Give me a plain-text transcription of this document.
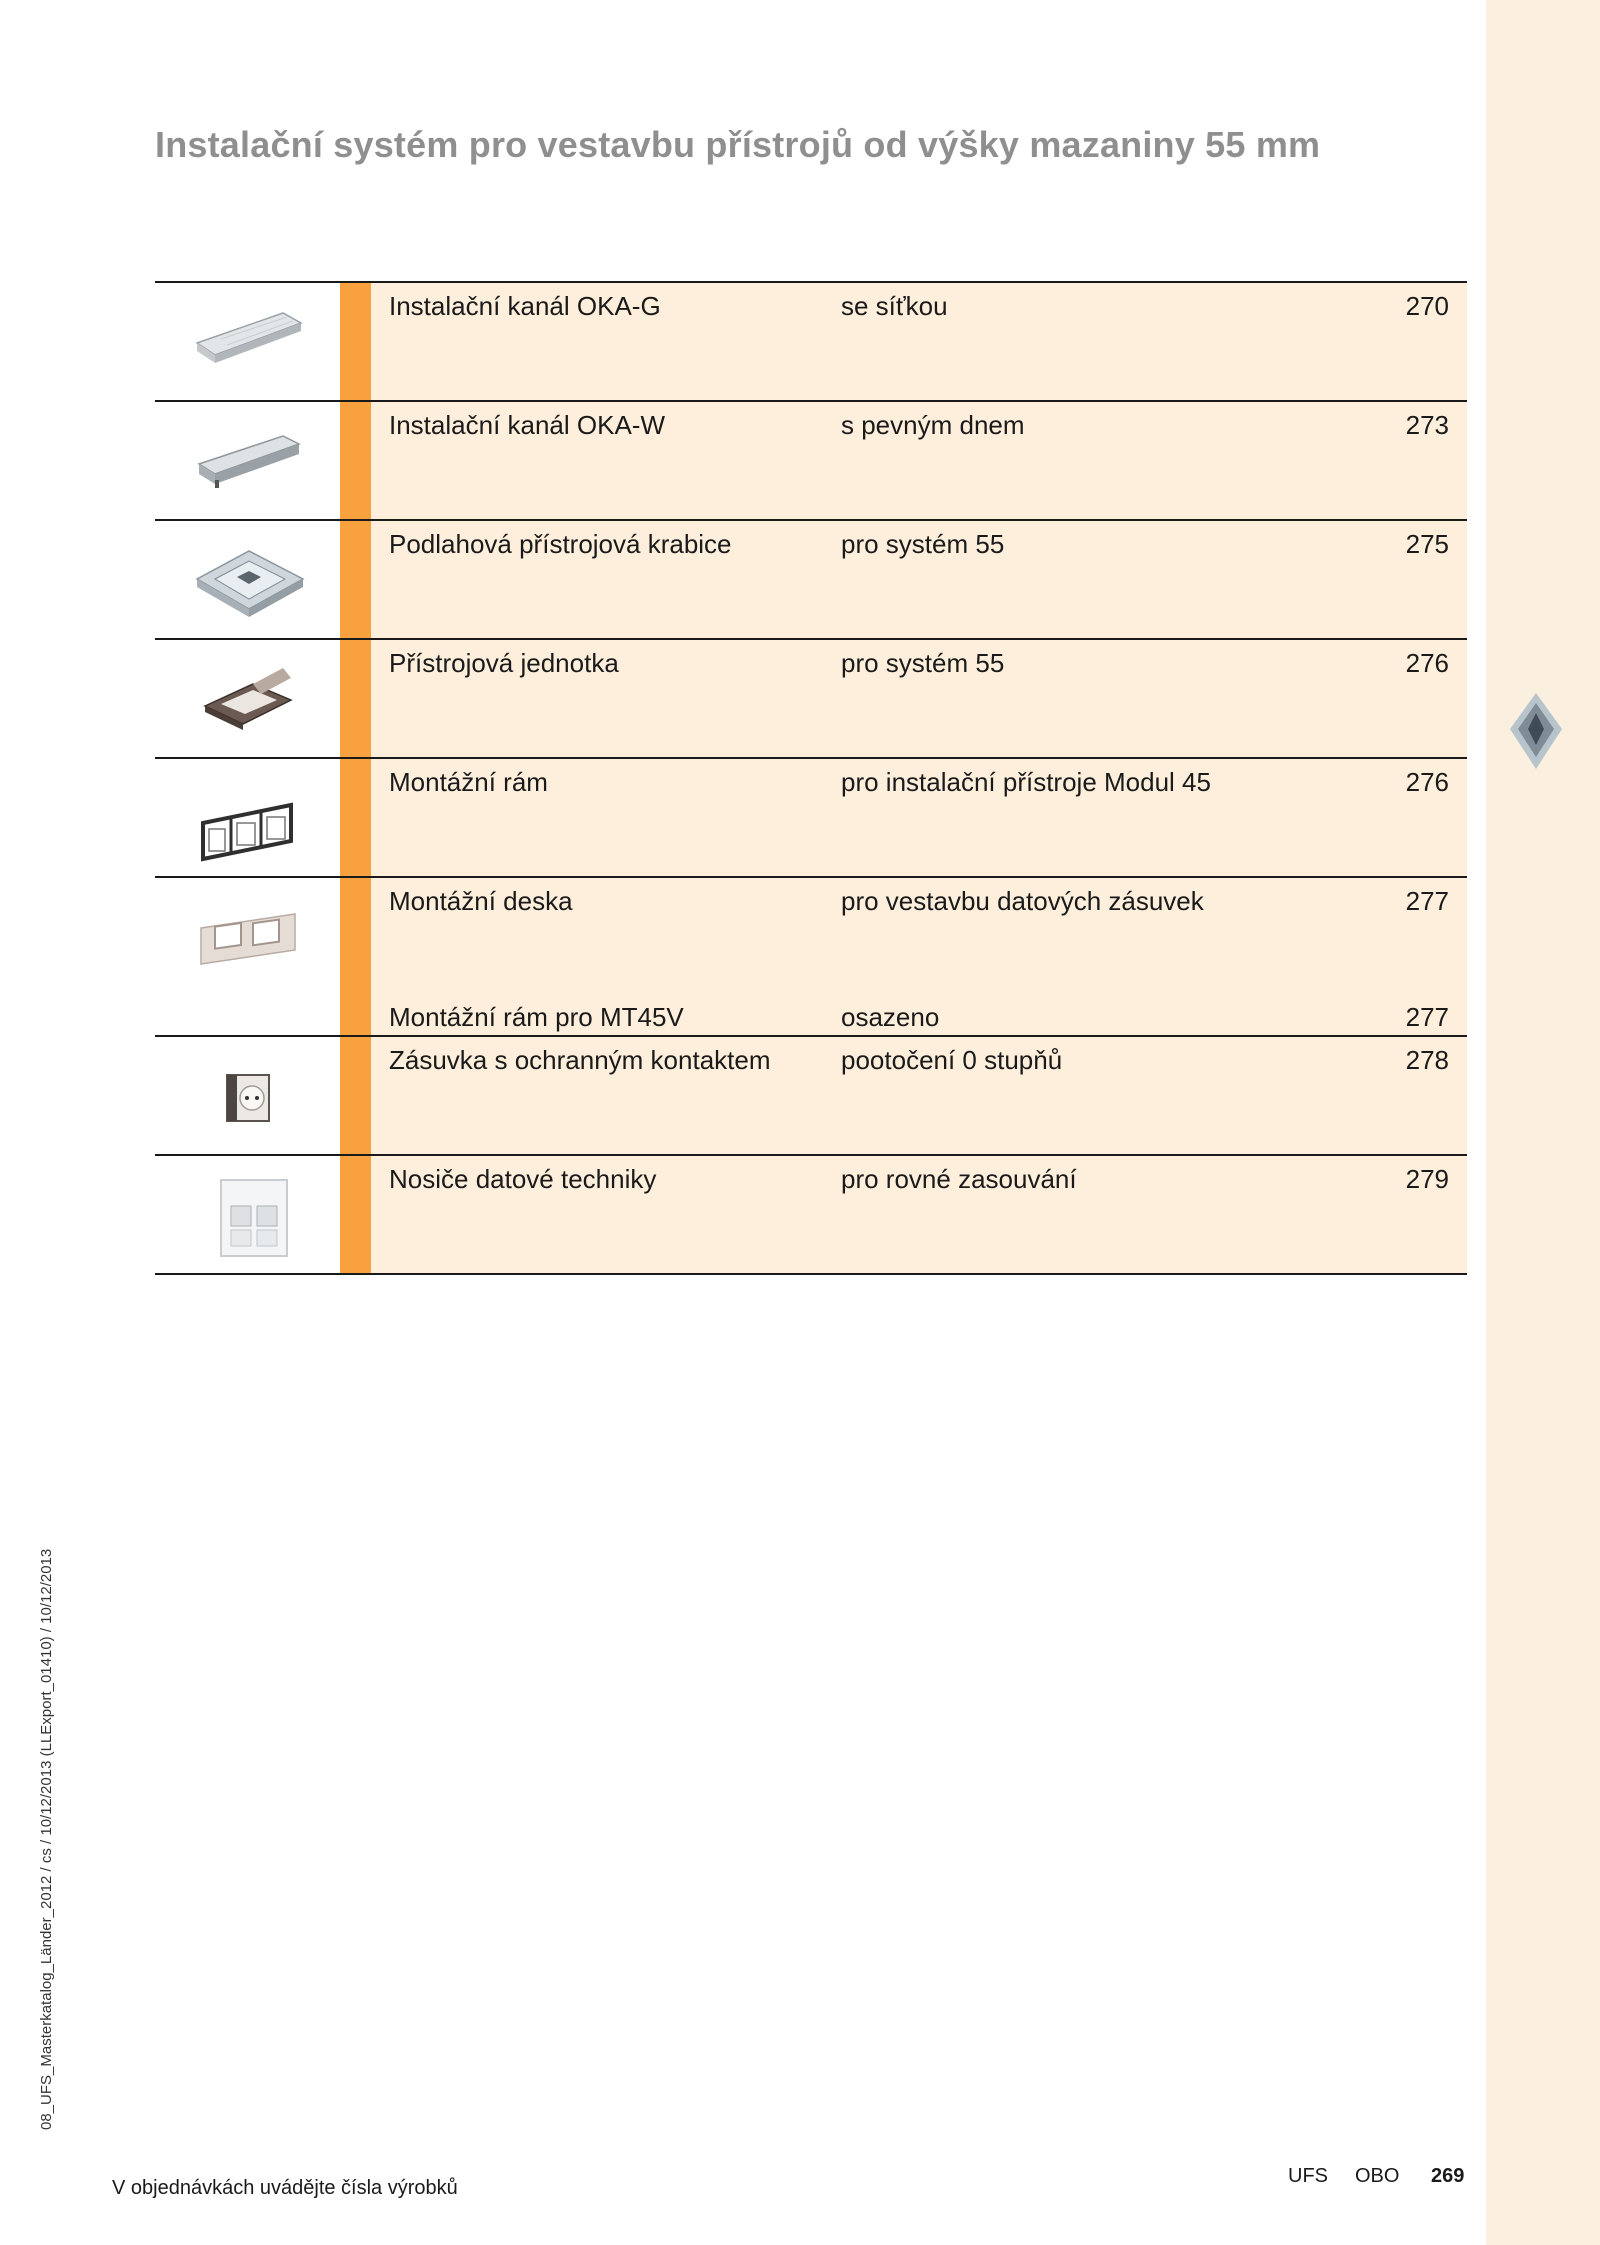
Instalační systém pro vestavbu přístrojů od výšky mazaniny 55 mm
Instalační kanál OKA-G	se síťkou	270
Instalační kanál OKA-W	s pevným dnem	273
Podlahová přístrojová krabice	pro systém 55	275
Přístrojová jednotka	pro systém 55	276
Montážní rám	pro instalační přístroje Modul 45	276
Montážní deska	pro vestavbu datových zásuvek	277
Montážní rám pro MT45V	osazeno	277
Zásuvka s ochranným kontaktem	pootočení 0 stupňů	278
Nosiče datové techniky	pro rovné zasouvání	279
08_UFS_Masterkatalog_Länder_2012 / cs / 10/12/2013 (LLExport_01410) / 10/12/2013
V objednávkách uvádějte čísla výrobků
UFS OBO 269
